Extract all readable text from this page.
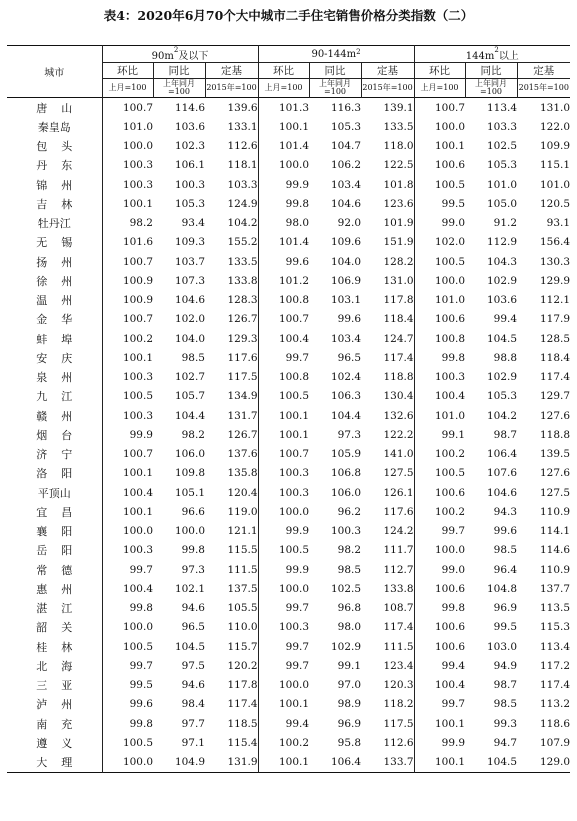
表4：2020年6月70个大中城市二手住宅销售价格分类指数（二）
城市	$90m^2$及以下			$90-144m^2$			$144m^2$以上		
	环比	同比	定基	环比	同比	定基	环比	同比	定基
	上月=100	上年同月=100	2015年=100	上月=100	上年同月=100	2015年=100	上月=100	上年同月=100	2015年=100
唐山	100.7	114.6	139.6	101.3	116.3	139.1	100.7	113.4	131.0
秦皇岛	101.0	103.6	133.1	100.1	105.3	133.5	100.0	103.3	122.0
包头	100.0	102.3	112.6	101.4	104.7	118.0	100.1	102.5	109.9
丹东	100.3	106.1	118.1	100.0	106.2	122.5	100.6	105.3	115.1
锦州	100.3	100.3	103.3	99.9	103.4	101.8	100.5	101.0	101.0
吉林	100.1	105.3	124.9	99.8	104.6	123.6	99.5	105.0	120.5
牡丹江	98.2	93.4	104.2	98.0	92.0	101.9	99.0	91.2	93.1
无锡	101.6	109.3	155.2	101.4	109.6	151.9	102.0	112.9	156.4
扬州	100.7	103.7	133.5	99.6	104.0	128.2	100.5	104.3	130.3
徐州	100.9	107.3	133.8	101.2	106.9	131.0	100.0	102.9	129.9
温州	100.9	104.6	128.3	100.8	103.1	117.8	101.0	103.6	112.1
金华	100.7	102.0	126.7	100.7	99.6	118.4	100.6	99.4	117.9
蚌埠	100.2	104.0	129.3	100.4	103.4	124.7	100.8	104.5	128.5
安庆	100.1	98.5	117.6	99.7	96.5	117.4	99.8	98.8	118.4
泉州	100.3	102.7	117.5	100.8	102.4	118.8	100.3	102.9	117.4
九江	100.5	105.7	134.9	100.5	106.3	130.4	100.4	105.3	129.7
赣州	100.3	104.4	131.7	100.1	104.4	132.6	101.0	104.2	127.6
烟台	99.9	98.2	126.7	100.1	97.3	122.2	99.1	98.7	118.8
济宁	100.7	106.0	137.6	100.7	105.9	141.0	100.2	106.4	139.5
洛阳	100.1	109.8	135.8	100.3	106.8	127.5	100.5	107.6	127.6
平顶山	100.4	105.1	120.4	100.3	106.0	126.1	100.6	104.6	127.5
宜昌	100.1	96.6	119.0	100.0	96.2	117.6	100.2	94.3	110.9
襄阳	100.0	100.0	121.1	99.9	100.3	124.2	99.7	99.6	114.1
岳阳	100.3	99.8	115.5	100.5	98.2	111.7	100.0	98.5	114.6
常德	99.7	97.3	111.5	99.9	98.5	112.7	99.0	96.4	110.9
惠州	100.4	102.1	137.5	100.0	102.5	133.8	100.6	104.8	137.7
湛江	99.8	94.6	105.5	99.7	96.8	108.7	99.8	96.9	113.5
韶关	100.0	96.5	110.0	100.3	98.0	117.4	100.6	99.5	115.3
桂林	100.5	104.5	115.7	99.7	102.9	111.5	100.6	103.0	113.4
北海	99.7	97.5	120.2	99.7	99.1	123.4	99.4	94.9	117.2
三亚	99.5	94.6	117.8	100.0	97.0	120.3	100.4	98.7	117.4
泸州	99.6	98.4	117.4	100.1	98.9	118.2	99.7	98.5	113.2
南充	99.8	97.7	118.5	99.4	96.9	117.5	100.1	99.3	118.6
遵义	100.5	97.1	115.4	100.2	95.8	112.6	99.9	94.7	107.9
大理	100.0	104.9	131.9	100.1	106.4	133.7	100.1	104.5	129.0
